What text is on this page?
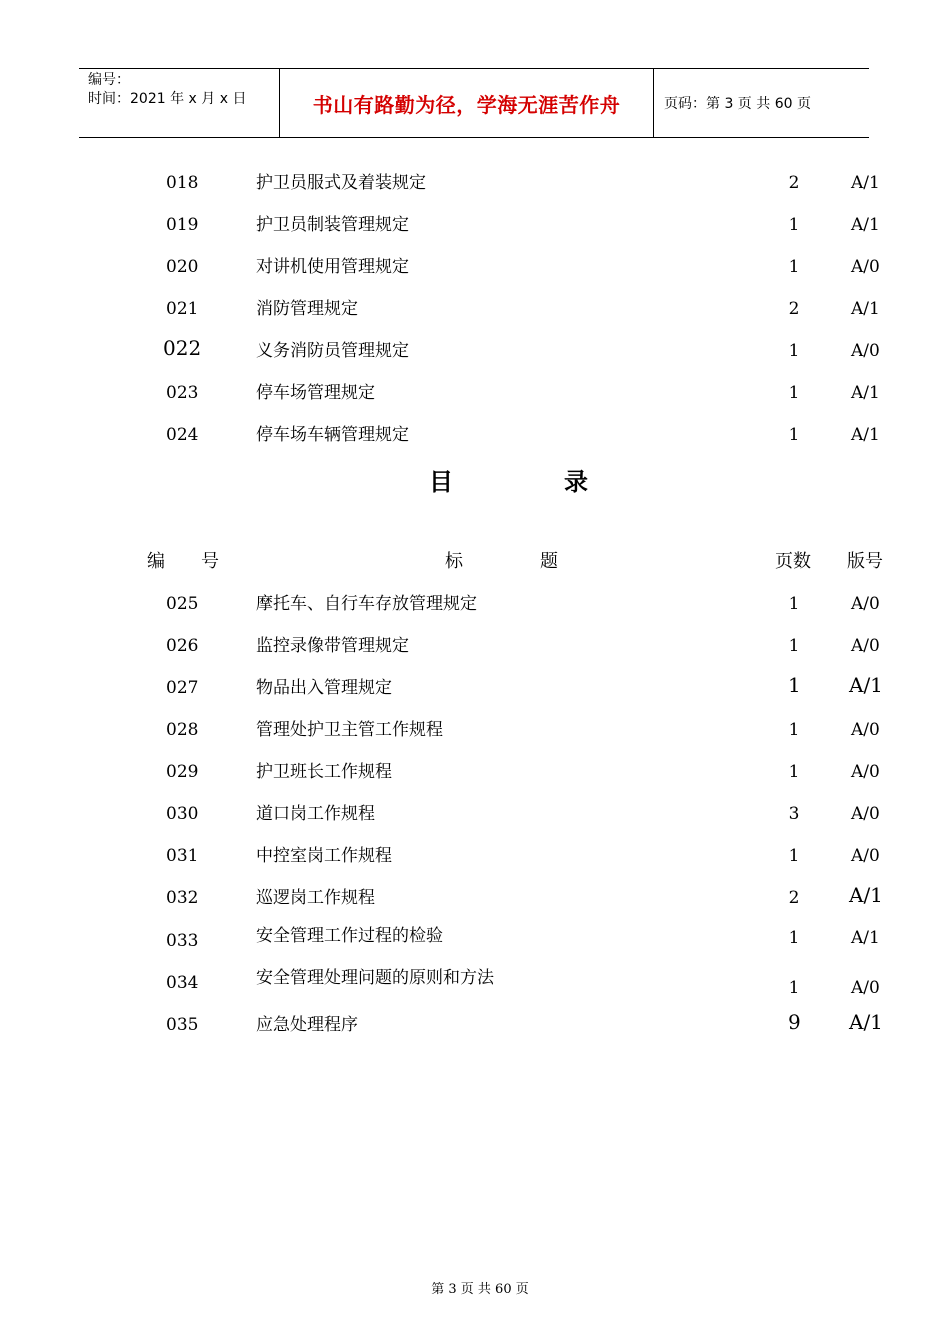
编号：
时间：2021 年 x 月 x 日	书山有路勤为径，学海无涯苦作舟	页码：第 3 页 共 60 页
018	护卫员服式及着装规定	2	A/1
019	护卫员制装管理规定	1	A/1
020	对讲机使用管理规定	1	A/0
021	消防管理规定	2	A/1
022	义务消防员管理规定	1	A/0
023	停车场管理规定	1	A/1
024	停车场车辆管理规定	1	A/1
目	录
编　　号	标	题	页数 版号
025	摩托车、自行车存放管理规定	1	A/0
026	监控录像带管理规定	1	A/0
027	物品出入管理规定	1 A/1
028	管理处护卫主管工作规程	1	A/0
029	护卫班长工作规程	1	A/0
030	道口岗工作规程	3	A/0
031	中控室岗工作规程	1	A/0
032	巡逻岗工作规程	2 A/1
033	安全管理工作过程的检验	1	A/1
034	安全管理处理问题的原则和方法	1	A/0
035	应急处理程序	9 A/1
第 3 页 共 60 页
